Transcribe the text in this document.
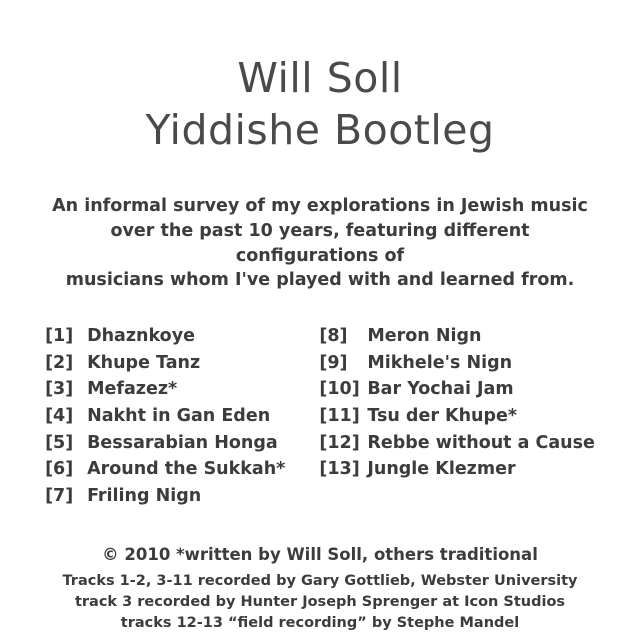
Will Soll
Yiddishe Bootleg
An informal survey of my explorations in Jewish music
over the past 10 years, featuring different configurations of
musicians whom I've played with and learned from.
[1] Dhaznkoye
[2] Khupe Tanz
[3] Mefazez*
[4] Nakht in Gan Eden
[5] Bessarabian Honga
[6] Around the Sukkah*
[7] Friling Nign
[8]	Meron Nign
[9]	Mikhele's Nign
[10] Bar Yochai Jam
[11] Tsu der Khupe*
[12] Rebbe without a Cause
[13] Jungle Klezmer
© 2010 *written by Will Soll, others traditional
Tracks 1-2, 3-11 recorded by Gary Gottlieb, Webster University
track 3 recorded by Hunter Joseph Sprenger at Icon Studios
tracks 12-13 “field recording” by Stephe Mandel
